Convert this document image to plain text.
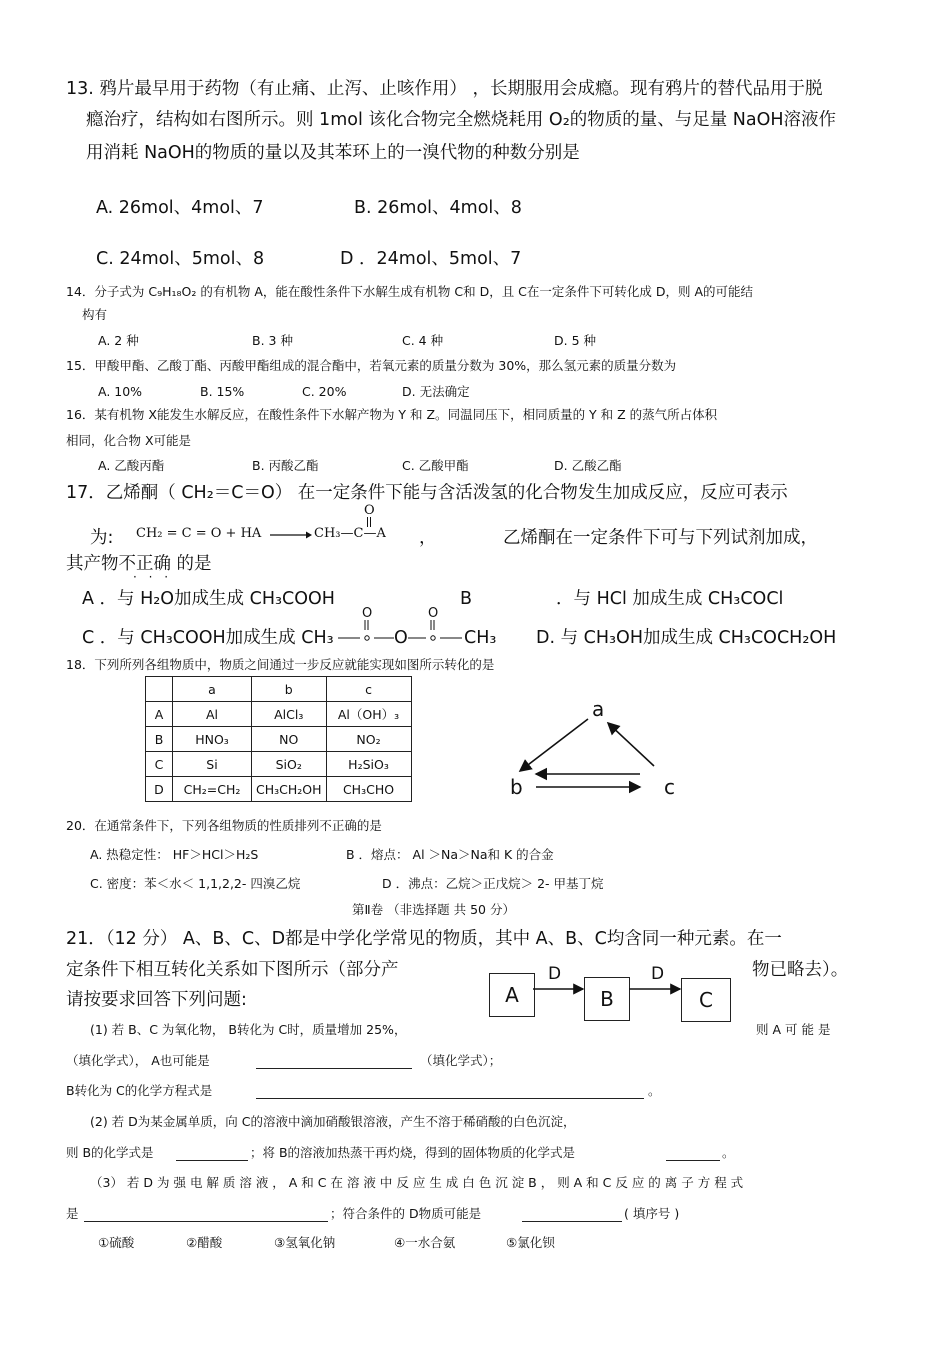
13. 鸦片最早用于药物（有止痛、止泻、止咳作用） ，长期服用会成瘾。现有鸦片的替代品用于脱
瘾治疗，结构如右图所示。则 1mol 该化合物完全燃烧耗用 O₂的物质的量、与足量 NaOH溶液作
用消耗 NaOH的物质的量以及其苯环上的一溴代物的种数分别是
A. 26mol、4mol、7	B. 26mol、4mol、8
C. 24mol、5mol、8	D ．24mol、5mol、7
14．分子式为 C₉H₁₈O₂ 的有机物 A，能在酸性条件下水解生成有机物 C和 D，且 C在一定条件下可转化成 D，则 A的可能结
构有
A. 2 种	B. 3 种	C. 4 种	D. 5 种
15．甲酸甲酯、乙酸丁酯、丙酸甲酯组成的混合酯中，若氧元素的质量分数为 30%，那么氢元素的质量分数为
A. 10%	B. 15%	C. 20%	D. 无法确定
16．某有机物 X能发生水解反应，在酸性条件下水解产物为 Y 和 Z。同温同压下，相同质量的 Y 和 Z 的蒸气所占体积
相同，化合物 X可能是
A. 乙酸丙酯	B. 丙酸乙酯	C. 乙酸甲酯	D. 乙酸乙酯
17．乙烯酮（ CH₂＝C＝O） 在一定条件下能与含活泼氢的化合物发生加成反应，反应可表示
为: CH₂ = C = O + HA → CH₃—C—A
O
，	乙烯酮在一定条件下可与下列试剂加成，
其产物不正确 的是
· · ·
A ．与 H₂O加成生成 CH₃COOH	B	．与 HCl 加成生成 CH₃COCl
C ．与 CH₃COOH加成生成 CH₃
O	O
O	CH₃ D. 与 CH₃OH加成生成 CH₃COCH₂OH
18．下列所列各组物质中，物质之间通过一步反应就能实现如图所示转化的是
	a	b	c
A	Al	AlCl₃	Al（OH）₃
B	HNO₃	NO	NO₂
C	Si	SiO₂	H₂SiO₃
D	CH₂=CH₂	CH₃CH₂OH	CH₃CHO
a
b	c
20．在通常条件下，下列各组物质的性质排列不正确的是
A. 热稳定性： HF＞HCl＞H₂S	B ．熔点： Al ＞Na＞Na和 K 的合金
C. 密度：苯＜水＜ 1,1,2,2- 四溴乙烷	D ．沸点：乙烷＞正戊烷＞ 2- 甲基丁烷
第Ⅱ卷 （非选择题 共 50 分）
21．（12 分） A、B、C、D都是中学化学常见的物质，其中 A、B、C均含同一种元素。在一
定条件下相互转化关系如下图所示（部分产	物已略去）。
请按要求回答下列问题:	A	B	C
D	D
(1) 若 B、C 为氧化物， B转化为 C时，质量增加 25%，	则 A 可 能 是
（填化学式）， A也可能是	（填化学式）；
B转化为 C的化学方程式是	。
(2) 若 D为某金属单质，向 C的溶液中滴加硝酸银溶液，产生不溶于稀硝酸的白色沉淀，
则 B的化学式是	；将 B的溶液加热蒸干再灼烧，得到的固体物质的化学式是	。
（3） 若 D 为 强 电 解 质 溶 液 ， A 和 C 在 溶 液 中 反 应 生 成 白 色 沉 淀 B ， 则 A 和 C 反 应 的 离 子 方 程 式
是	；符合条件的 D物质可能是	( 填序号 )
①硫酸	②醋酸	③氢氧化钠	④一水合氨	⑤氯化钡
